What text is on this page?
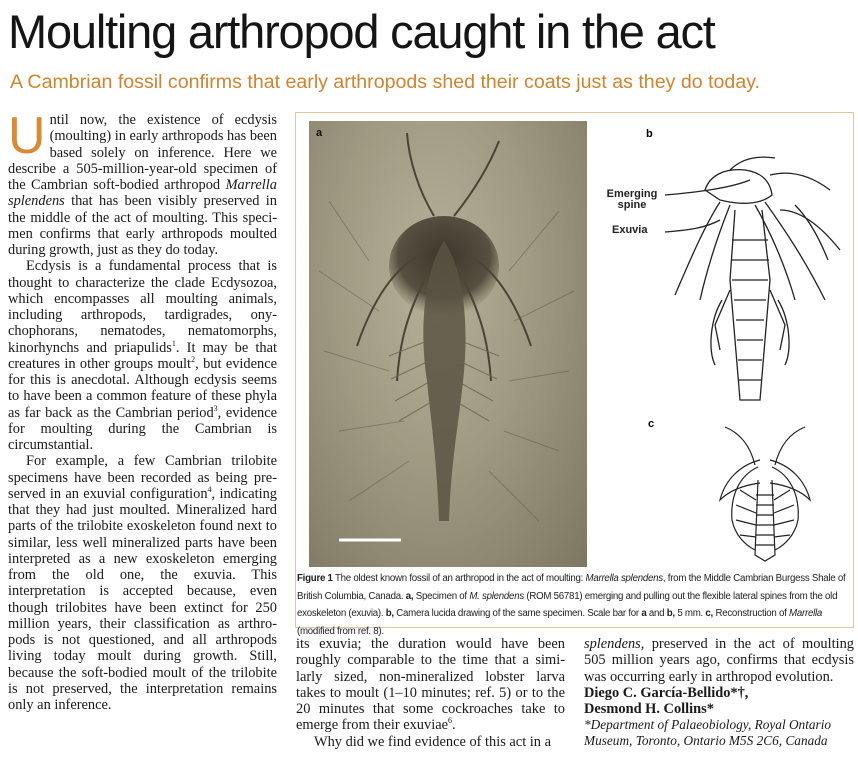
Moulting arthropod caught in the act
A Cambrian fossil confirms that early arthropods shed their coats just as they do today.

Until now, the existence of ecdysis (moulting) in early arthropods has been based solely on inference. Here we describe a 505-million-year-old specimen of the Cambrian soft-bodied arthropod Marrella splendens that has been visibly preserved in the middle of the act of moulting. This specimen confirms that early arthropods moulted during growth, just as they do today.

Ecdysis is a fundamental process that is thought to characterize the clade Ecdysozoa, which encompasses all moulting animals, including arthropods, tardigrades, onychophorans, nematodes, nematomorphs, kinorhynchs and priapulids$^1$. It may be that creatures in other groups moult$^2$, but evidence for this is anecdotal. Although ecdysis seems to have been a common feature of these phyla as far back as the Cambrian period$^3$, evidence for moulting during the Cambrian is circumstantial.

For example, a few Cambrian trilobite specimens have been recorded as being preserved in an exuvial configuration$^4$, indicating that they had just moulted. Mineralized hard parts of the trilobite exoskeleton found next to similar, less well mineralized parts have been interpreted as a new exoskeleton emerging from the old one, the exuvia. This interpretation is accepted because, even though trilobites have been extinct for 250 million years, their classification as arthropods is not questioned, and all arthropods living today moult during growth. Still, because the soft-bodied moult of the trilobite is not preserved, the interpretation remains only an inference.

a	b
c
Emerging
spine
Exuvia
Figure 1 The oldest known fossil of an arthropod in the act of moulting: Marrella splendens, from the Middle Cambrian Burgess Shale of British Columbia, Canada. a, Specimen of M. splendens (ROM 56781) emerging and pulling out the flexible lateral spines from the old exoskeleton (exuvia). b, Camera lucida drawing of the same specimen. Scale bar for a and b, 5 mm. c, Reconstruction of Marrella (modified from ref. 8).

its exuvia; the duration would have been roughly comparable to the time that a similarly sized, non-mineralized lobster larva takes to moult (1–10 minutes; ref. 5) or to the 20 minutes that some cockroaches take to emerge from their exuviae$^6$.

Why did we find evidence of this act in a

splendens, preserved in the act of moulting 505 million years ago, confirms that ecdysis was occurring early in arthropod evolution.

Diego C. García-Bellido*†,

Desmond H. Collins*

*Department of Palaeobiology, Royal Ontario Museum, Toronto, Ontario M5S 2C6, Canada
